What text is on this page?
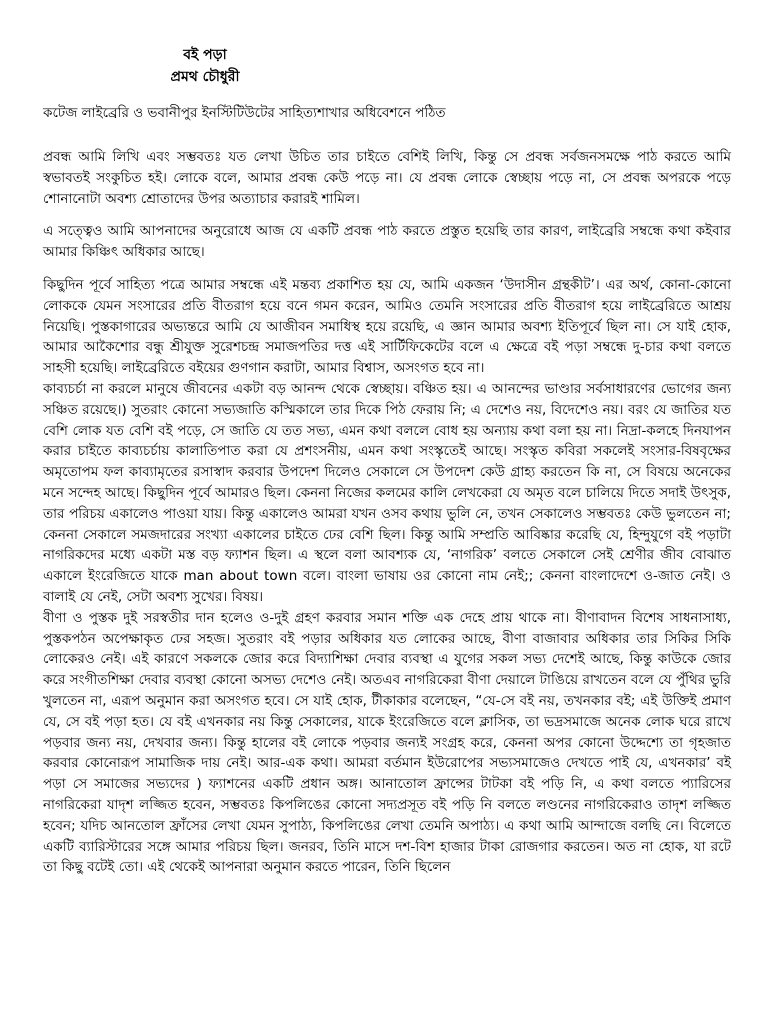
বই পড়া
প্রমথ চৌধুরী
কটেজ লাইব্রেরি ও ভবানীপুর ইনস্টিটিউটের সাহিত্যশাখার অধিবেশনে পঠিত

প্রবন্ধ আমি লিখি এবং সম্ভবতঃ যত লেখা উচিত তার চাইতে বেশিই লিখি, কিন্তু সে প্রবন্ধ সর্বজনসমক্ষে পাঠ করতে আমি স্বভাবতই সংকুচিত হই। লোকে বলে, আমার প্রবন্ধ কেউ পড়ে না। যে প্রবন্ধ লোকে স্বেচ্ছায় পড়ে না, সে প্রবন্ধ অপরকে পড়ে শোনানোটা অবশ্য শ্রোতাদের উপর অত্যাচার করারই শামিল।

এ সত্ত্বেও আমি আপনাদের অনুরোধে আজ যে একটি প্রবন্ধ পাঠ করতে প্রস্তুত হয়েছি তার কারণ, লাইব্রেরি সম্বন্ধে কথা কইবার আমার কিঞ্চিৎ অধিকার আছে।

কিছুদিন পূর্বে সাহিত্য পত্রে আমার সম্বন্ধে এই মন্তব্য প্রকাশিত হয় যে, আমি একজন ‘উদাসীন গ্রন্থকীট’। এর অর্থ, কোনা-কোনো লোককে যেমন সংসারের প্রতি বীতরাগ হয়ে বনে গমন করেন, আমিও তেমনি সংসারের প্রতি বীতরাগ হয়ে লাইব্রেরিতে আশ্রয় নিয়েছি। পুস্তকাগারের অভ্যন্তরে আমি যে আজীবন সমাধিস্থ হয়ে রয়েছি, এ জ্ঞান আমার অবশ্য ইতিপূর্বে ছিল না। সে যাই হোক, আমার আকৈশোর বন্ধু শ্রীযুক্ত সুরেশচন্দ্র সমাজপতির দত্ত এই সার্টিফিকেটের বলে এ ক্ষেত্রে বই পড়া সম্বন্ধে দু-চার কথা বলতে সাহসী হয়েছি। লাইব্রেরিতে বইয়ের গুণগান করাটা, আমার বিশ্বাস, অসংগত হবে না।

কাব্যচর্চা না করলে মানুষে জীবনের একটা বড় আনন্দ থেকে স্বেচ্ছায়। বঞ্চিত হয়। এ আনন্দের ভাণ্ডার সর্বসাধারণের ভোগের জন্য সঞ্চিত রয়েছে।) সুতরাং কোনো সভ্যজাতি কস্মিকালে তার দিকে পিঠ ফেরায় নি; এ দেশেও নয়, বিদেশেও নয়। বরং যে জাতির যত বেশি লোক যত বেশি বই পড়ে, সে জাতি যে তত সভ্য, এমন কথা বললে বোধ হয় অন্যায় কথা বলা হয় না। নিদ্রা-কলহে দিনযাপন করার চাইতে কাব্যচর্চায় কালাতিপাত করা যে প্রশংসনীয়, এমন কথা সংস্কৃতেই আছে। সংস্কৃত কবিরা সকলেই সংসার-বিষবৃক্ষের অমৃতোপম ফল কাব্যামৃতের রসাস্বাদ করবার উপদেশ দিলেও সেকালে সে উপদেশ কেউ গ্রাহ্য করতেন কি না, সে বিষয়ে অনেকের মনে সন্দেহ আছে। কিছুদিন পূর্বে আমারও ছিল। কেননা নিজের কলমের কালি লেখকেরা যে অমৃত বলে চালিয়ে দিতে সদাই উৎসুক, তার পরিচয় একালেও পাওয়া যায়। কিন্তু একালেও আমরা যখন ওসব কথায় ভুলি নে, তখন সেকালেও সম্ভবতঃ কেউ ভুলতেন না; কেননা সেকালে সমজদারের সংখ্যা একালের চাইতে ঢের বেশি ছিল। কিন্তু আমি সম্প্রতি আবিষ্কার করেছি যে, হিন্দুযুগে বই পড়াটা নাগরিকদের মধ্যে একটা মস্ত বড় ফ্যাশন ছিল। এ স্থলে বলা আবশ্যক যে, ‘নাগরিক’ বলতে সেকালে সেই শ্রেণীর জীব বোঝাত একালে ইংরেজিতে যাকে man about town বলে। বাংলা ভাষায় ওর কোনো নাম নেই;; কেননা বাংলাদেশে ও-জাত নেই। ও বালাই যে নেই, সেটা অবশ্য সুখের। বিষয়।

বীণা ও পুস্তক দুই সরস্বতীর দান হলেও ও-দুই গ্রহণ করবার সমান শক্তি এক দেহে প্রায় থাকে না। বীণাবাদন বিশেষ সাধনাসাধ্য, পুস্তকপঠন অপেক্ষাকৃত ঢের সহজ। সুতরাং বই পড়ার অধিকার যত লোকের আছে, বীণা বাজাবার অধিকার তার সিকির সিকি লোকেরও নেই। এই কারণে সকলকে জোর করে বিদ্যাশিক্ষা দেবার ব্যবস্থা এ যুগের সকল সভ্য দেশেই আছে, কিন্তু কাউকে জোর করে সংগীতশিক্ষা দেবার ব্যবস্থা কোনো অসভ্য দেশেও নেই। অতএব নাগরিকেরা বীণা দেয়ালে টাঙিয়ে রাখতেন বলে যে পুঁথির ভুরি খুলতেন না, এরূপ অনুমান করা অসংগত হবে। সে যাই হোক, টীকাকার বলেছেন, “যে-সে বই নয়, তখনকার বই; এই উক্তিই প্রমাণ যে, সে বই পড়া হত। যে বই এখনকার নয় কিন্তু সেকালের, যাকে ইংরেজিতে বলে ক্লাসিক, তা ভদ্রসমাজে অনেক লোক ঘরে রাখে পড়বার জন্য নয়, দেখবার জন্য। কিন্তু হালের বই লোকে পড়বার জন্যই সংগ্রহ করে, কেননা অপর কোনো উদ্দেশ্যে তা গৃহজাত করবার কোনোরূপ সামাজিক দায় নেই। আর-এক কথা। আমরা বর্তমান ইউরোপের সভ্যসমাজেও দেখতে পাই যে, এখনকার’ বই পড়া সে সমাজের সভ্যদের ) ফ্যাশনের একটি প্রধান অঙ্গ। আনাতোল ফ্রান্সের টাটকা বই পড়ি নি, এ কথা বলতে প্যারিসের নাগরিকেরা যাদৃশ লজ্জিত হবেন, সম্ভবতঃ কিপলিঙের কোনো সদ্যপ্রসূত বই পড়ি নি বলতে লণ্ডনের নাগরিকেরাও তাদৃশ লজ্জিত হবেন; যদিচ আনতোল ফ্রাঁসের লেখা যেমন সুপাঠ্য, কিপলিঙের লেখা তেমনি অপাঠ্য। এ কথা আমি আন্দাজে বলছি নে। বিলেতে একটি ব্যারিস্টারের সঙ্গে আমার পরিচয় ছিল। জনরব, তিনি মাসে দশ-বিশ হাজার টাকা রোজগার করতেন। অত না হোক, যা রটে তা কিছু বটেই তো। এই থেকেই আপনারা অনুমান করতে পারেন, তিনি ছিলেন
